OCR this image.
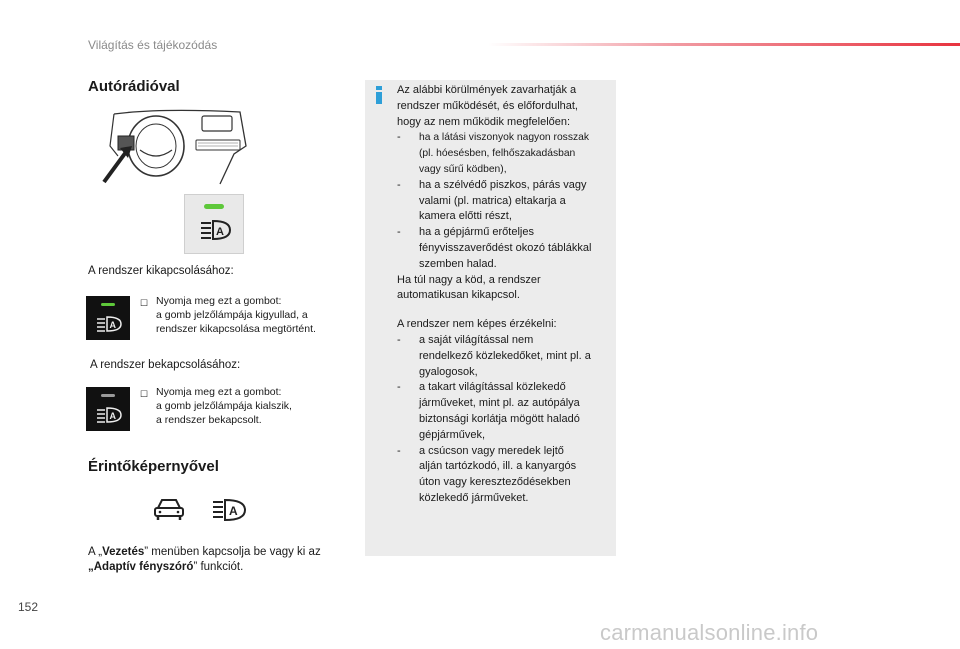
Világítás és tájékozódás
Autórádióval
A
A rendszer kikapcsolásához:
A
☐ Nyomja meg ezt a gombot:
a gomb jelzőlámpája kigyullad, a
rendszer kikapcsolása megtörtént.
A rendszer bekapcsolásához:
A
☐ Nyomja meg ezt a gombot:
a gomb jelzőlámpája kialszik,
a rendszer bekapcsolt.
Érintőképernyővel
A
A „Vezetés” menüben kapcsolja be vagy ki az
„Adaptív fényszóró” funkciót.
Az alábbi körülmények zavarhatják a
rendszer működését, és előfordulhat,
hogy az nem működik megfelelően:
-	ha a látási viszonyok nagyon rosszak
(pl. hóesésben, felhőszakadásban
vagy sűrű ködben),
-	ha a szélvédő piszkos, párás vagy
valami (pl. matrica) eltakarja a
kamera előtti részt,
-	ha a gépjármű erőteljes
fényvisszaverődést okozó táblákkal
szemben halad.
Ha túl nagy a köd, a rendszer
automatikusan kikapcsol.
A rendszer nem képes érzékelni:
-	a saját világítással nem
rendelkező közlekedőket, mint pl. a
gyalogosok,
-	a takart világítással közlekedő
járműveket, mint pl. az autópálya
biztonsági korlátja mögött haladó
gépjárművek,
-	a csúcson vagy meredek lejtő
alján tartózkodó, ill. a kanyargós
úton vagy kereszteződésekben
közlekedő járműveket.
152
carmanualsonline.info
